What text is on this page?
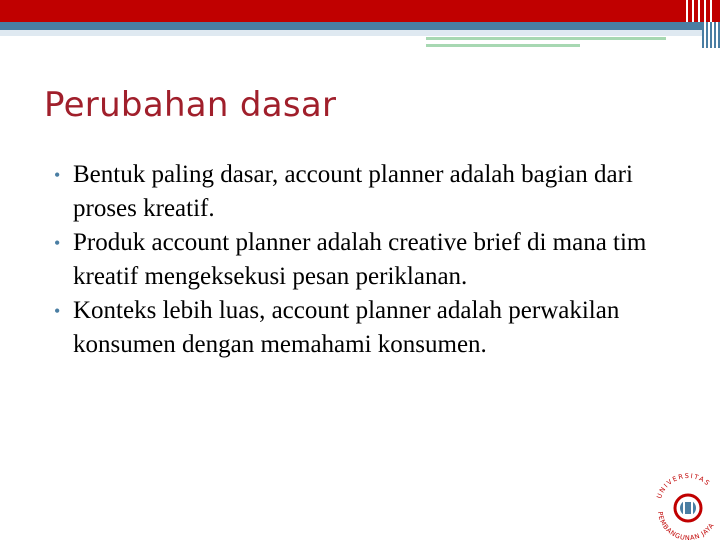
Perubahan dasar
• Bentuk paling dasar, account planner adalah bagian dari proses kreatif.
• Produk account planner adalah creative brief di mana tim kreatif mengeksekusi pesan periklanan.
• Konteks lebih luas, account planner adalah perwakilan konsumen dengan memahami konsumen.
UNIVERSITAS
PEMBANGUNAN JAYA
